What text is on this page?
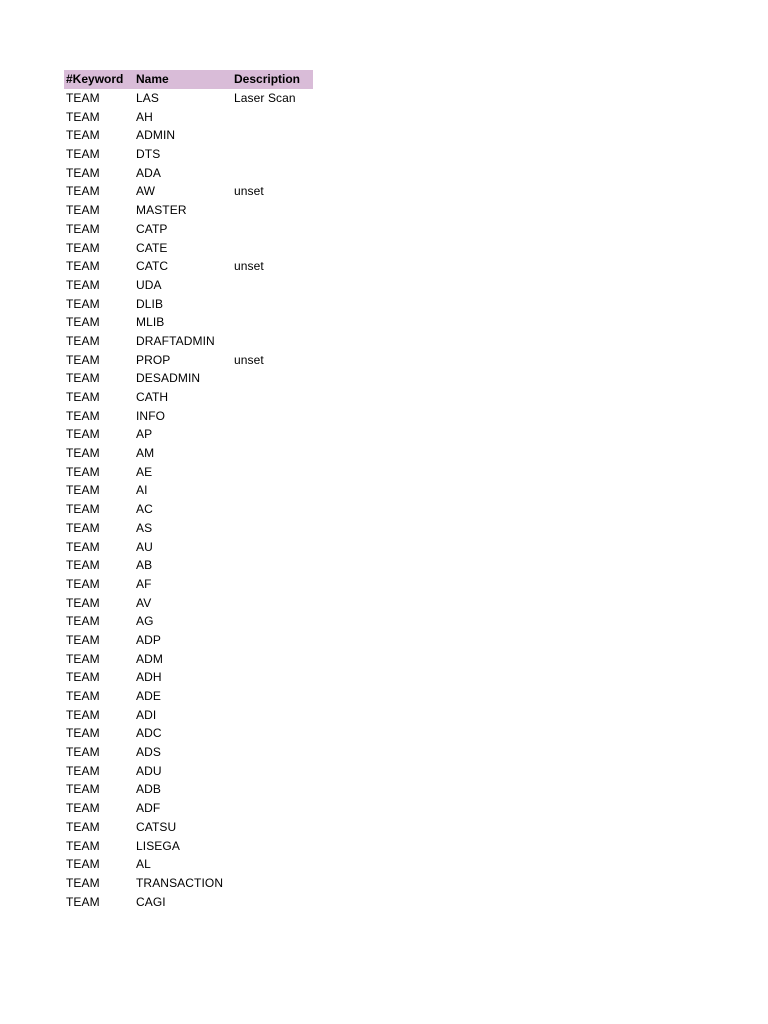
#Keyword	Name	Description
TEAM	LAS	Laser Scan
TEAM	AH	
TEAM	ADMIN	
TEAM	DTS	
TEAM	ADA	
TEAM	AW	unset
TEAM	MASTER	
TEAM	CATP	
TEAM	CATE	
TEAM	CATC	unset
TEAM	UDA	
TEAM	DLIB	
TEAM	MLIB	
TEAM	DRAFTADMIN	
TEAM	PROP	unset
TEAM	DESADMIN	
TEAM	CATH	
TEAM	INFO	
TEAM	AP	
TEAM	AM	
TEAM	AE	
TEAM	AI	
TEAM	AC	
TEAM	AS	
TEAM	AU	
TEAM	AB	
TEAM	AF	
TEAM	AV	
TEAM	AG	
TEAM	ADP	
TEAM	ADM	
TEAM	ADH	
TEAM	ADE	
TEAM	ADI	
TEAM	ADC	
TEAM	ADS	
TEAM	ADU	
TEAM	ADB	
TEAM	ADF	
TEAM	CATSU	
TEAM	LISEGA	
TEAM	AL	
TEAM	TRANSACTION	
TEAM	CAGI	
